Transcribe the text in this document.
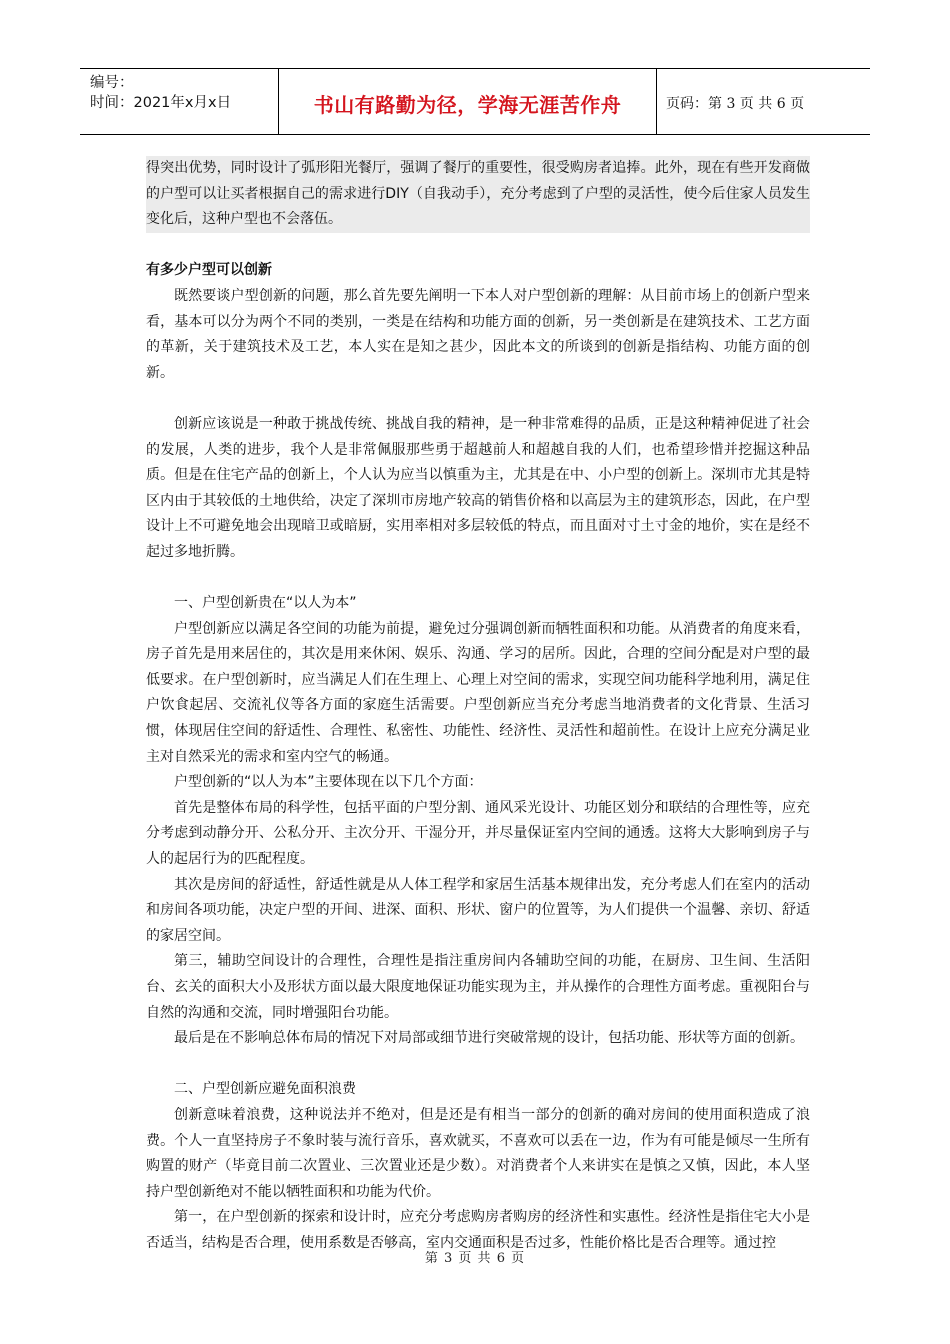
编号：
时间：2021年x月x日	书山有路勤为径，学海无涯苦作舟	页码：第 3 页 共 6 页

得突出优势，同时设计了弧形阳光餐厅，强调了餐厅的重要性，很受购房者追捧。此外，现在有些开发商做的户型可以让买者根据自己的需求进行DIY（自我动手），充分考虑到了户型的灵活性，使今后住家人员发生变化后，这种户型也不会落伍。

有多少户型可以创新

既然要谈户型创新的问题，那么首先要先阐明一下本人对户型创新的理解：从目前市场上的创新户型来看，基本可以分为两个不同的类别，一类是在结构和功能方面的创新，另一类创新是在建筑技术、工艺方面的革新，关于建筑技术及工艺，本人实在是知之甚少，因此本文的所谈到的创新是指结构、功能方面的创新。

创新应该说是一种敢于挑战传统、挑战自我的精神，是一种非常难得的品质，正是这种精神促进了社会的发展，人类的进步，我个人是非常佩服那些勇于超越前人和超越自我的人们，也希望珍惜并挖掘这种品质。但是在住宅产品的创新上，个人认为应当以慎重为主，尤其是在中、小户型的创新上。深圳市尤其是特区内由于其较低的土地供给，决定了深圳市房地产较高的销售价格和以高层为主的建筑形态，因此，在户型设计上不可避免地会出现暗卫或暗厨，实用率相对多层较低的特点，而且面对寸土寸金的地价，实在是经不起过多地折腾。

一、户型创新贵在“以人为本”

户型创新应以满足各空间的功能为前提，避免过分强调创新而牺牲面积和功能。从消费者的角度来看，房子首先是用来居住的，其次是用来休闲、娱乐、沟通、学习的居所。因此，合理的空间分配是对户型的最低要求。在户型创新时，应当满足人们在生理上、心理上对空间的需求，实现空间功能科学地利用，满足住户饮食起居、交流礼仪等各方面的家庭生活需要。户型创新应当充分考虑当地消费者的文化背景、生活习惯，体现居住空间的舒适性、合理性、私密性、功能性、经济性、灵活性和超前性。在设计上应充分满足业主对自然采光的需求和室内空气的畅通。

户型创新的“以人为本”主要体现在以下几个方面：

首先是整体布局的科学性，包括平面的户型分割、通风采光设计、功能区划分和联结的合理性等，应充分考虑到动静分开、公私分开、主次分开、干湿分开，并尽量保证室内空间的通透。这将大大影响到房子与人的起居行为的匹配程度。

其次是房间的舒适性，舒适性就是从人体工程学和家居生活基本规律出发，充分考虑人们在室内的活动和房间各项功能，决定户型的开间、进深、面积、形状、窗户的位置等，为人们提供一个温馨、亲切、舒适的家居空间。

第三，辅助空间设计的合理性，合理性是指注重房间内各辅助空间的功能，在厨房、卫生间、生活阳台、玄关的面积大小及形状方面以最大限度地保证功能实现为主，并从操作的合理性方面考虑。重视阳台与自然的沟通和交流，同时增强阳台功能。

最后是在不影响总体布局的情况下对局部或细节进行突破常规的设计，包括功能、形状等方面的创新。

二、户型创新应避免面积浪费

创新意味着浪费，这种说法并不绝对，但是还是有相当一部分的创新的确对房间的使用面积造成了浪费。个人一直坚持房子不象时装与流行音乐，喜欢就买，不喜欢可以丢在一边，作为有可能是倾尽一生所有购置的财产（毕竟目前二次置业、三次置业还是少数）。对消费者个人来讲实在是慎之又慎，因此，本人坚持户型创新绝对不能以牺牲面积和功能为代价。

第一，在户型创新的探索和设计时，应充分考虑购房者购房的经济性和实惠性。经济性是指住宅大小是否适当，结构是否合理，使用系数是否够高，室内交通面积是否过多，性能价格比是否合理等。通过控

第 3 页 共 6 页
